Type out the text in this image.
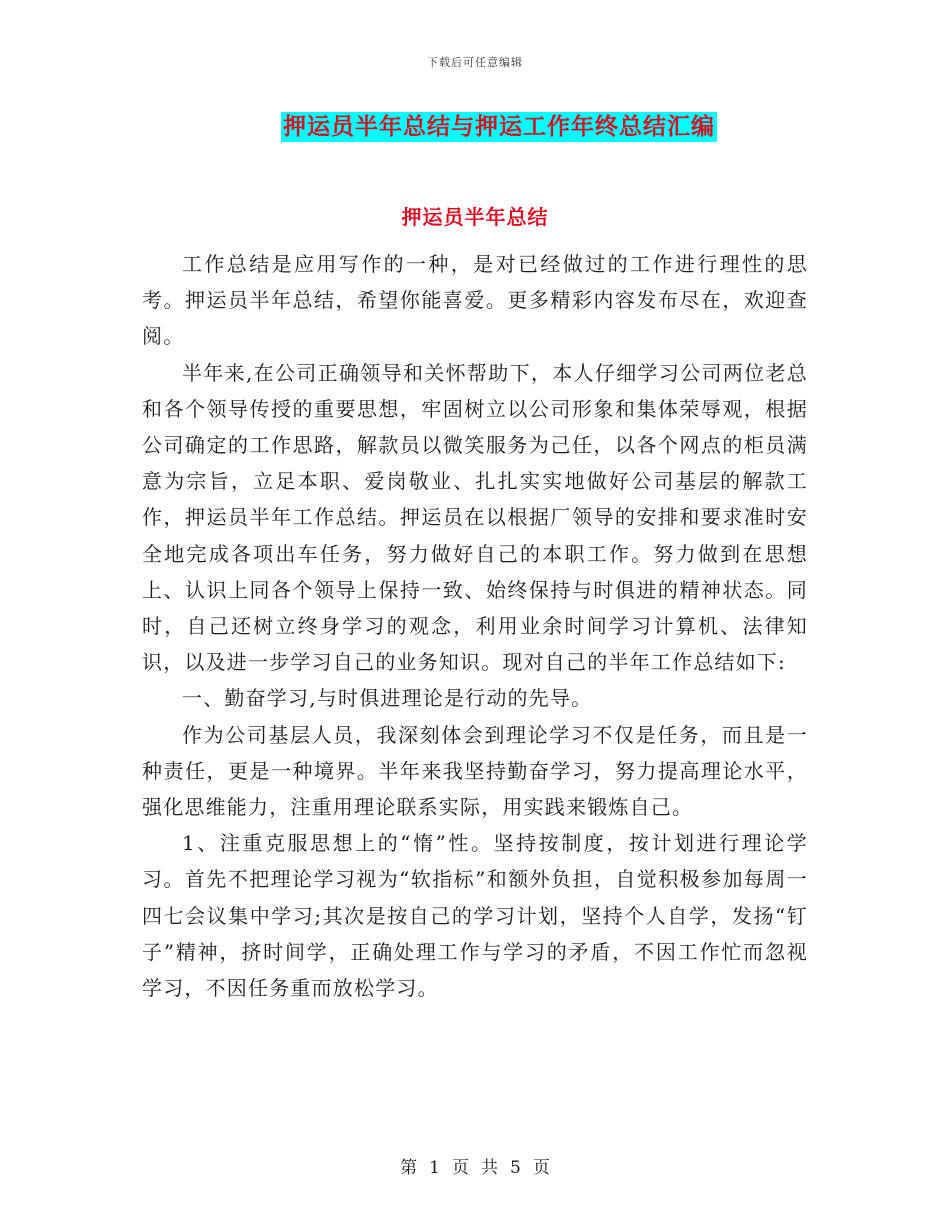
下载后可任意编辑
押运员半年总结与押运工作年终总结汇编
押运员半年总结

工作总结是应用写作的一种，是对已经做过的工作进行理性的思考。押运员半年总结，希望你能喜爱。更多精彩内容发布尽在，欢迎查阅。

半年来,在公司正确领导和关怀帮助下，本人仔细学习公司两位老总和各个领导传授的重要思想，牢固树立以公司形象和集体荣辱观，根据公司确定的工作思路，解款员以微笑服务为己任，以各个网点的柜员满意为宗旨，立足本职、爱岗敬业、扎扎实实地做好公司基层的解款工作，押运员半年工作总结。押运员在以根据厂领导的安排和要求准时安全地完成各项出车任务，努力做好自己的本职工作。努力做到在思想上、认识上同各个领导上保持一致、始终保持与时俱进的精神状态。同时，自己还树立终身学习的观念，利用业余时间学习计算机、法律知识，以及进一步学习自己的业务知识。现对自己的半年工作总结如下:

一、勤奋学习,与时俱进理论是行动的先导。

作为公司基层人员，我深刻体会到理论学习不仅是任务，而且是一种责任，更是一种境界。半年来我坚持勤奋学习，努力提高理论水平，强化思维能力，注重用理论联系实际，用实践来锻炼自己。

1、注重克服思想上的“惰”性。坚持按制度，按计划进行理论学习。首先不把理论学习视为“软指标”和额外负担，自觉积极参加每周一四七会议集中学习;其次是按自己的学习计划，坚持个人自学，发扬“钉子”精神，挤时间学，正确处理工作与学习的矛盾，不因工作忙而忽视学习，不因任务重而放松学习。

第 1 页 共 5 页
